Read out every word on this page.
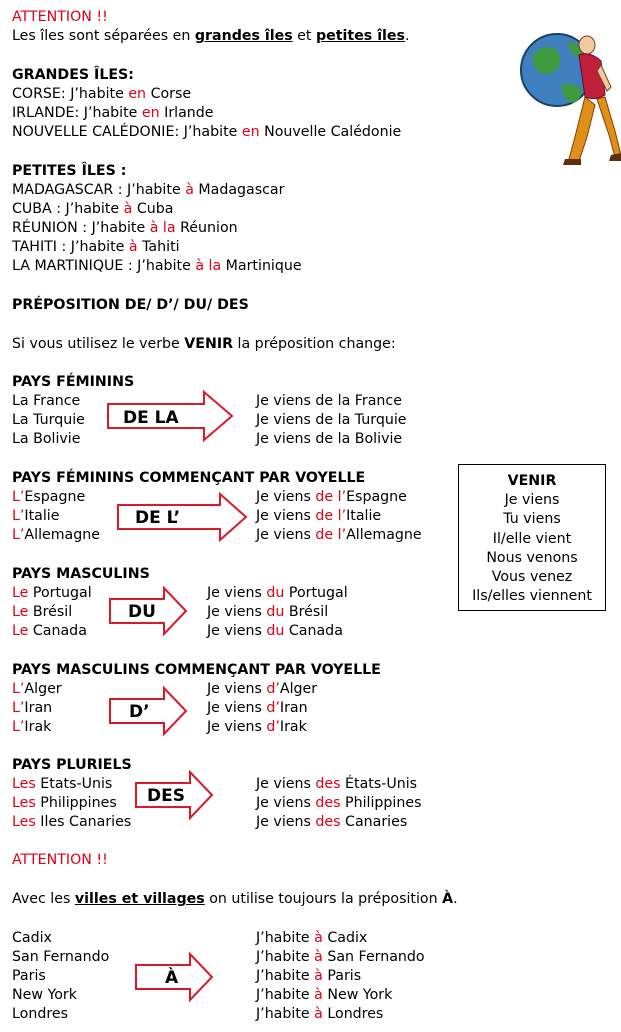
ATTENTION !!
Les îles sont séparées en grandes îles et petites îles.
GRANDES ÎLES:
CORSE: J’habite en Corse
IRLANDE: J’habite en Irlande
NOUVELLE CALÉDONIE: J’habite en Nouvelle Calédonie
PETITES ÎLES :
MADAGASCAR : J’habite à Madagascar
CUBA : J’habite à Cuba
RÉUNION : J’habite à la Réunion
TAHITI : J’habite à Tahiti
LA MARTINIQUE : J’habite à la Martinique
PRÉPOSITION DE/ D’/ DU/ DES
Si vous utilisez le verbe VENIR la préposition change:
PAYS FÉMININS
La France
La Turquie
La Bolivie
DE LA
Je viens de la France
Je viens de la Turquie
Je viens de la Bolivie
PAYS FÉMININS COMMENÇANT PAR VOYELLE
L’Espagne
L’Italie
L’Allemagne
DE L’
Je viens de l’Espagne
Je viens de l’Italie
Je viens de l’Allemagne
VENIR
Je viens
Tu viens
Il/elle vient
Nous venons
Vous venez
Ils/elles viennent
PAYS MASCULINS
Le Portugal
Le Brésil
Le Canada
DU
Je viens du Portugal
Je viens du Brésil
Je viens du Canada
PAYS MASCULINS COMMENÇANT PAR VOYELLE
L’Alger
L’Iran
L’Irak
D’
Je viens d’Alger
Je viens d’Iran
Je viens d’Irak
PAYS PLURIELS
Les Etats-Unis
Les Philippines
Les Iles Canaries
DES
Je viens des États-Unis
Je viens des Philippines
Je viens des Canaries
ATTENTION !!
Avec les villes et villages on utilise toujours la préposition À.
Cadix
San Fernando
Paris
New York
Londres
À
J’habite à Cadix
J’habite à San Fernando
J’habite à Paris
J’habite à New York
J’habite à Londres
